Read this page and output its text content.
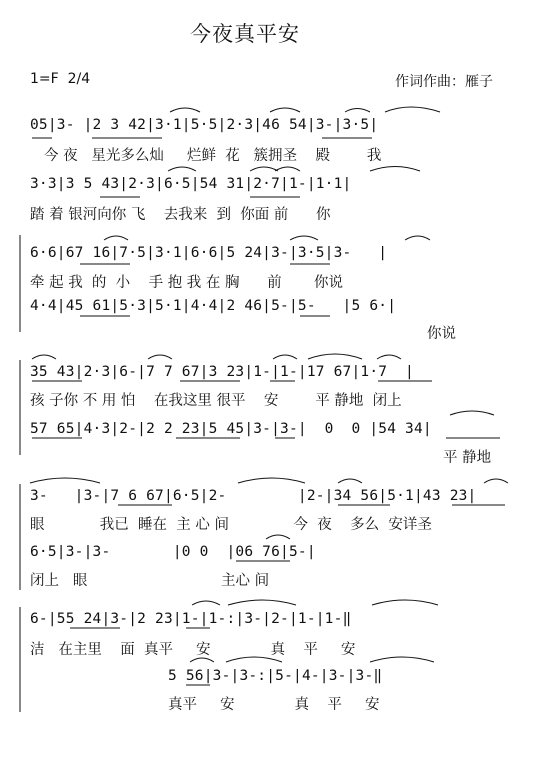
今夜真平安
1=F  2/4	作词作曲：雁子
05|3- |2 3 42|3·1|5·5|2·3|46 54|3-|3·5|
今 夜   星光多么灿     烂鲜  花   簇拥圣    殿        我
3·3|3 5 43|2·3|6·5|54 31|2·7|1-|1·1|
踏 着 银河向你 飞    去我来  到  你面 前      你
6·6|67 16|7·5|3·1|6·6|5 24|3-|3·5|3-   |
牵 起 我  的  小    手 抱 我 在 胸      前       你说
4·4|45 61|5·3|5·1|4·4|2 46|5-|5-   |5 6·|
你说
35 43|2·3|6-|7 7 67|3 23|1-|1-|17 67|1·7  |
孩 子你 不 用 怕    在我这里 很平    安        平 静地  闭上
57 65|4·3|2-|2 2 23|5 45|3-|3-|  0  0 |54 34|
平 静地
3-   |3-|7 6 67|6·5|2-        |2-|34 56|5·1|43 23|
眼            我已  睡在  主 心 间              今  夜    多么  安详圣
6·5|3-|3-       |0 0  |06 76|5-|
闭上   眼                             主心 间
6-|55 24|3-|2 23|1-|1-:|3-|2-|1-|1-‖
洁   在主里    面  真平     安             真    平     安
5 56|3-|3-:|5-|4-|3-|3-‖
真平     安             真    平     安
